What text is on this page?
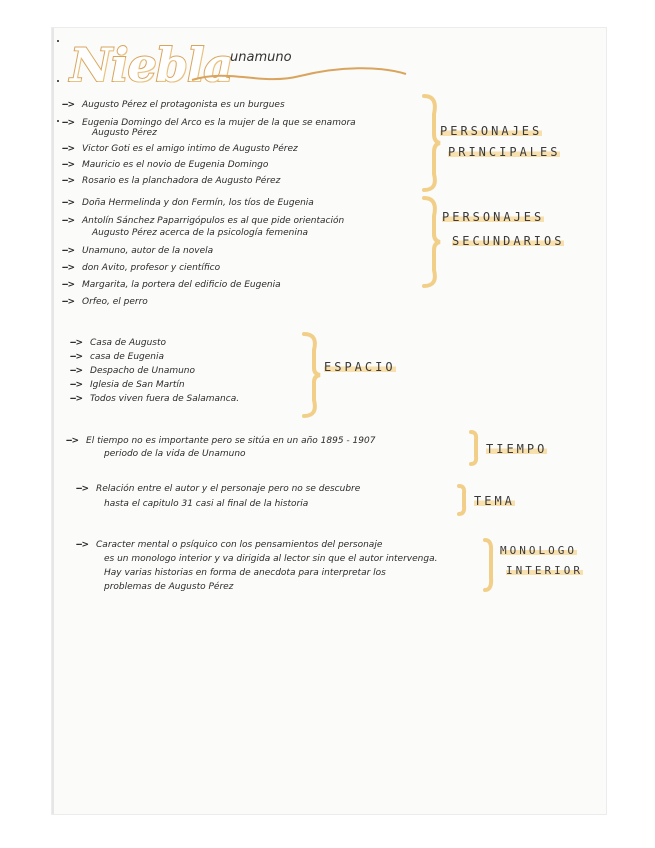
Niebla
unamuno
--> Augusto Pérez el protagonista es un burgues
--> Eugenia Domingo del Arco es la mujer de la que se enamora
Augusto Pérez
--> Victor Goti es el amigo intimo de Augusto Pérez
--> Mauricio es el novio de Eugenia Domingo
--> Rosario es la planchadora de Augusto Pérez
PERSONAJES
PRINCIPALES
--> Doña Hermelinda y don Fermín, los tíos de Eugenia
--> Antolín Sánchez Paparrigópulos es al que pide orientación
Augusto Pérez acerca de la psicología femenina
--> Unamuno, autor de la novela
--> don Avito, profesor y científico
--> Margarita, la portera del edificio de Eugenia
--> Orfeo, el perro
PERSONAJES
SECUNDARIOS
--> Casa de Augusto
--> casa de Eugenia
--> Despacho de Unamuno
--> Iglesia de San Martín
--> Todos viven fuera de Salamanca.
ESPACIO
--> El tiempo no es importante pero se sitúa en un año 1895 - 1907
periodo de la vida de Unamuno	TIEMPO
--> Relación entre el autor y el personaje pero no se descubre
hasta el capitulo 31 casi al final de la historia	TEMA
--> Caracter mental o psíquico con los pensamientos del personaje
es un monologo interior y va dirigida al lector sin que el autor intervenga.
Hay varias historias en forma de anecdota para interpretar los
problemas de Augusto Pérez
MONOLOGO
INTERIOR
